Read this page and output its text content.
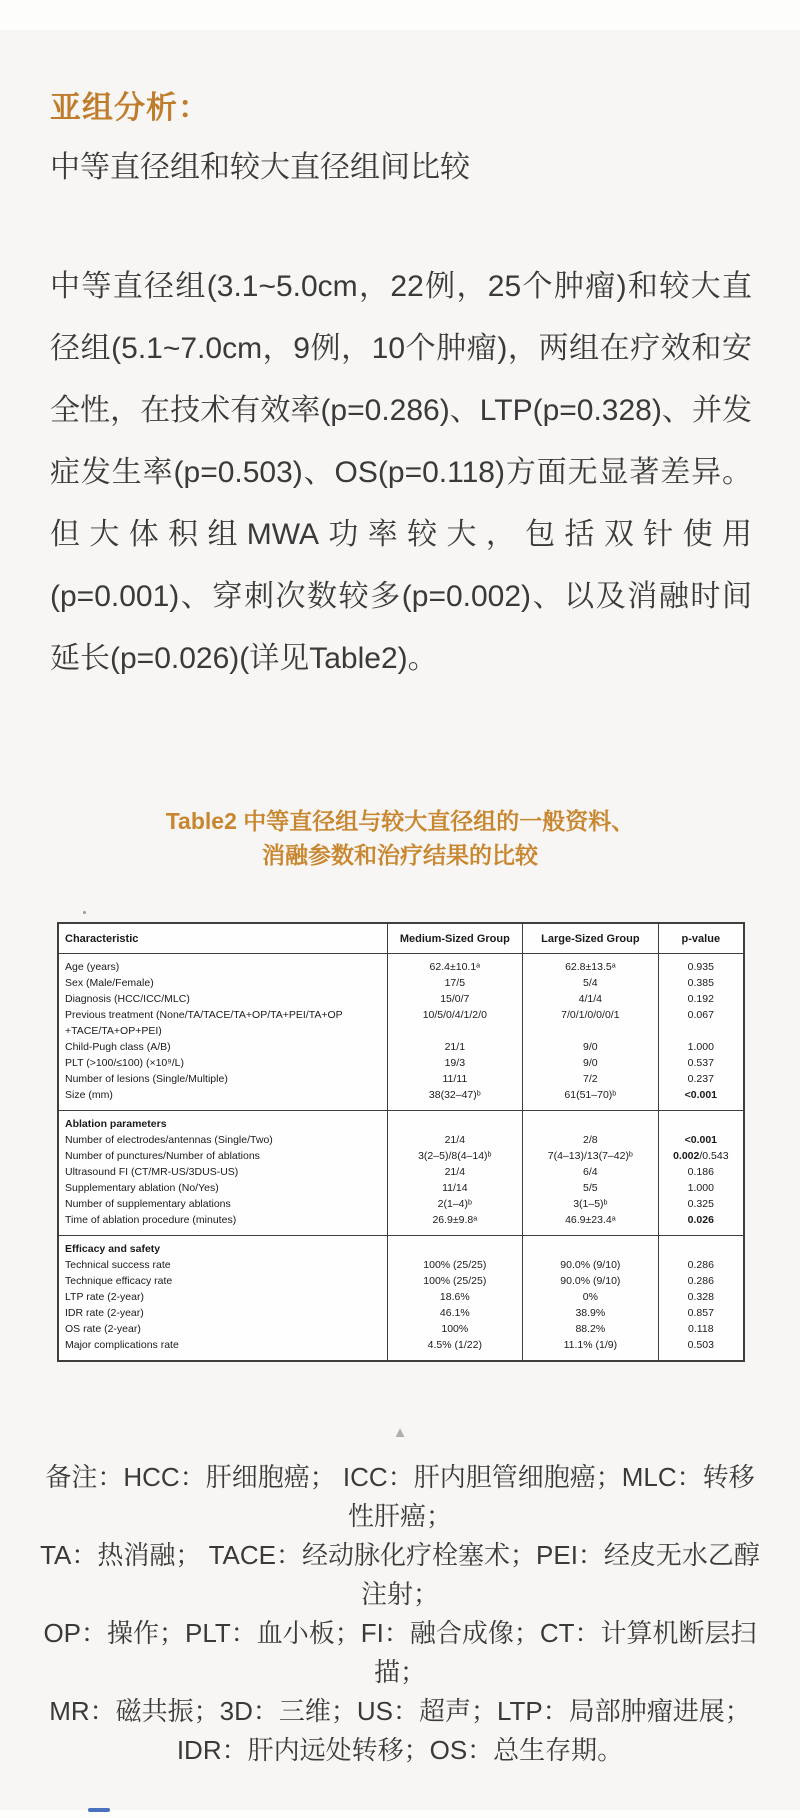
亚组分析：
中等直径组和较大直径组间比较

中等直径组(3.1~5.0cm，22例，25个肿瘤)和较大直径组(5.1~7.0cm，9例，10个肿瘤)，两组在疗效和安全性，在技术有效率(p=0.286)、LTP(p=0.328)、并发症发生率(p=0.503)、OS(p=0.118)方面无显著差异。但大体积组MWA功率较大，包括双针使用(p=0.001)、穿刺次数较多(p=0.002)、以及消融时间延长(p=0.026)(详见Table2)。

Table2 中等直径组与较大直径组的一般资料、
消融参数和治疗结果的比较
Characteristic	Medium-Sized Group	Large-Sized Group	p-value
Age (years)	62.4±10.1ᵃ	62.8±13.5ᵃ	0.935
Sex (Male/Female)	17/5	5/4	0.385
Diagnosis (HCC/ICC/MLC)	15/0/7	4/1/4	0.192
Previous treatment (None/TA/TACE/TA+OP/TA+PEI/TA+OP +TACE/TA+OP+PEI)	10/5/0/4/1/2/0	7/0/1/0/0/0/1	0.067
Child-Pugh class (A/B)	21/1	9/0	1.000
PLT (>100/≤100) (×10⁹/L)	19/3	9/0	0.537
Number of lesions (Single/Multiple)	11/11	7/2	0.237
Size (mm)	38(32–47)ᵇ	61(51–70)ᵇ	<0.001
Ablation parameters			
Number of electrodes/antennas (Single/Two)	21/4	2/8	<0.001
Number of punctures/Number of ablations	3(2–5)/8(4–14)ᵇ	7(4–13)/13(7–42)ᵇ	0.002/0.543
Ultrasound FI (CT/MR-US/3DUS-US)	21/4	6/4	0.186
Supplementary ablation (No/Yes)	11/14	5/5	1.000
Number of supplementary ablations	2(1–4)ᵇ	3(1–5)ᵇ	0.325
Time of ablation procedure (minutes)	26.9±9.8ᵃ	46.9±23.4ᵃ	0.026
Efficacy and safety			
Technical success rate	100% (25/25)	90.0% (9/10)	0.286
Technique efficacy rate	100% (25/25)	90.0% (9/10)	0.286
LTP rate (2-year)	18.6%	0%	0.328
IDR rate (2-year)	46.1%	38.9%	0.857
OS rate (2-year)	100%	88.2%	0.118
Major complications rate	4.5% (1/22)	11.1% (1/9)	0.503
▲
备注：HCC：肝细胞癌； ICC：肝内胆管细胞癌；MLC：转移性肝癌；
TA：热消融； TACE：经动脉化疗栓塞术；PEI：经皮无水乙醇注射；
OP：操作；PLT：血小板；FI：融合成像；CT：计算机断层扫描；
MR：磁共振；3D：三维；US：超声；LTP：局部肿瘤进展；
IDR：肝内远处转移；OS：总生存期。
